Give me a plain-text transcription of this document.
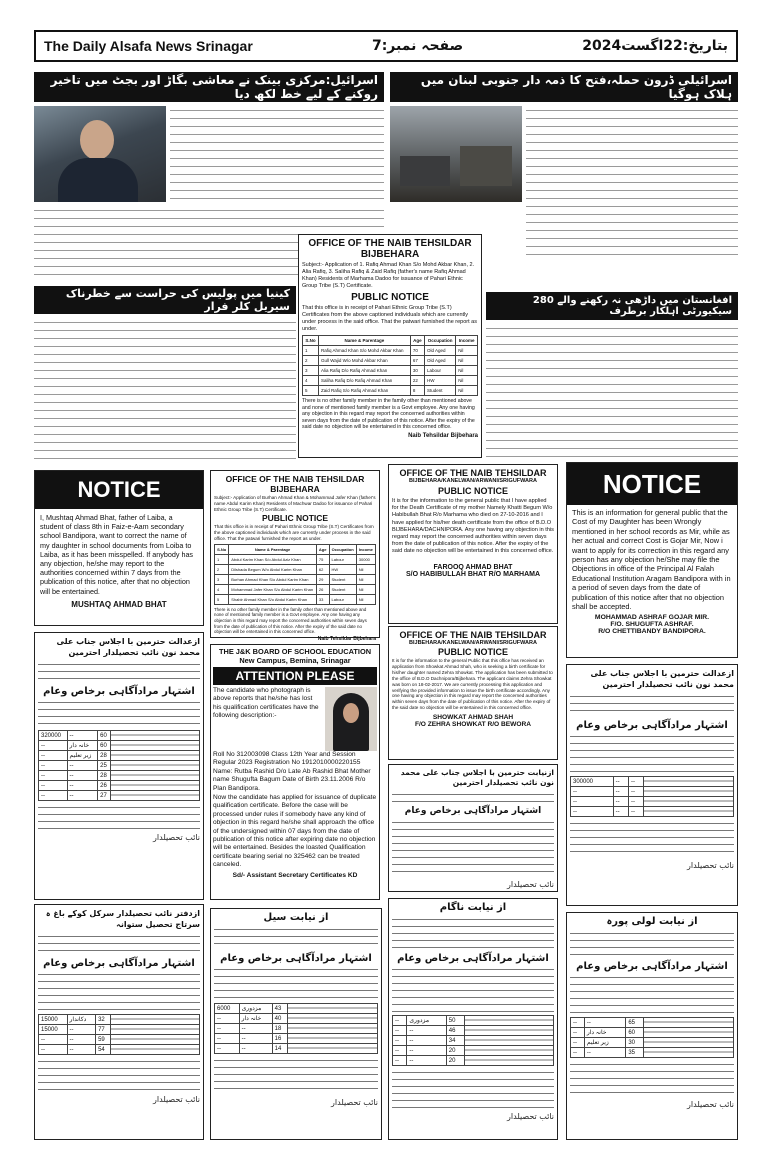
The Daily Alsafa News Srinagar	صفحہ نمبر:7	بتاریخ:22اگست2024
اسرائیل:مرکزی بینک نے معاشی بگاڑ اور بجٹ میں تاخیر روکنے کے لیے خط لکھ دیا
اسرائیلی ڈرون حملہ،فتح کا ذمہ دار جنوبی لبنان میں ہلاک ہوگیا
OFFICE OF THE NAIB TEHSILDAR
BIJBEHARA
Subject:- Application of 1. Rafiq Ahmad Khan S/o Mohd Akbar Khan, 2. Alia Rafiq, 3. Saliha Rafiq & Zaid Rafiq (father's name Rafiq Ahmad Khan) Residents of Marhama Dadoo for issuance of Pahari Ethnic Group Tribe (S.T) Certificate.
PUBLIC NOTICE
That this office is in receipt of Pahari Ethnic Group Tribe (S.T) Certificates from the above captioned individuals which are currently under process in the said office. That the patwari furnished the report as under.
S.No	Name & Parentage	Age	Occupation	Income
1	Rafiq Ahmad Khan S/o Mohd Akbar Khan	70	Old Aged	Nil
2	Gull Wajid W/o Mohd Akbar Khan	67	Old Aged	Nil
3	Alia Rafiq D/o Rafiq Ahmad Khan	30	Labour	Nil
4	Saliha Rafiq D/o Rafiq Ahmad Khan	22	HW	Nil
5	Zaid Rafiq S/o Rafiq Ahmad Khan	8	Student	Nil
There is no other family member in the family other than mentioned above and none of mentioned family member is a Govt employee. Any one having any objection in this regard may report the concerned authorities within seven days from the date of publication of this notice. After the expiry of the said date no objection will be entertained in this concerned office.
Naib Tehsildar Bijbehara
کینیا میں پولیس کی حراست سے خطرناک سیریل کلر فرار	افغانستان میں داڑھی نہ رکھنے والے 280 سیکیورٹی اہلکار برطرف
NOTICE
I, Mushtaq Ahmad Bhat, father of Laiba, a student of class 8th in Faiz-e-Aam secondary school Bandipora, want to correct the name of my daughter in school documents from Loiba to Laiba, as it has been misspelled. If anybody has any objection, he/she may report to the authorities concerned within 7 days from the publication of this notice, after that no objection will be entertained.
MUSHTAQ AHMAD BHAT
OFFICE OF THE NAIB TEHSILDAR
BIJBEHARA
Subject:- Application of Burhan Ahmad Khan & Mohammad Jafer Khan (father's name Abdul Karim Khan) Residents of Machwar Dadoo for issuance of Pahari Ethnic Group Tribe (S.T) Certificate.
PUBLIC NOTICE
That this office is in receipt of Pahari Ethnic Group Tribe (S.T) Certificates from the above captioned individuals which are currently under process in the said office. That the patwari furnished the report as under.
S.No	Name & Parentage	Age	Occupation	Income
1	Abdul Karim Khan S/o Abdul Aziz Khan	75	Labour	30000
2	Dilshada Begum W/o Abdul Karim Khan	62	HW	Nil
3	Burhan Ahmad Khan S/o Abdul Karim Khan	29	Student	Nil
4	Mohammad Jafer Khan S/o Abdul Karim Khan	26	Student	Nil
5	Shabir Ahmad Khan S/o Abdul Karim Khan	33	Labour	Nil
There is no other family member in the family other than mentioned above and none of mentioned family member is a Govt employee. Any one having any objection in this regard may report the concerned authorities within seven days from the date of publication of this notice. After the expiry of the said date no objection will be entertained in this concerned office.
Naib Tehsildar Bijbehara
OFFICE OF THE NAIB TEHSILDAR
BIJBEHARA/KANELWAN/ARWANI/SRIGUFWARA
PUBLIC NOTICE
It is for the information to the general public that I have applied for the Death Certificate of my mother Namely Khatti Begum W/o Habibullah Bhat R/o Marhama who died on 27-10-2016 and I have applied for his/her death certificate from the office of B.D.O BIJBEHARA/DACHNIPORA. Any one having any objection in this regard may report the concerned authorities within seven days from the date of publication of this notice. After the expiry of the said date no objection will be entertained in this concerned office.
FAROOQ AHMAD BHAT
S/O HABIBULLAH BHAT R/O MARHAMA
NOTICE
This is an information for general public that the Cost of my Daughter has been Wrongly mentioned in her school records as Mir, while as her actual and correct Cost is Gojar Mir, Now i want to apply for its correction in this regard any person has any objection he/She may file the Objections in office of the Principal Al Falah Educational Institution Aragam Bandipora with in a period of seven days from the date of publication of this notice after that no objection shall be accepted.
MOHAMMAD ASHRAF GOJAR MIR.
F/O. SHUGUFTA ASHRAF.
R/O CHETTIBANDY BANDIPORA.
THE J&K BOARD OF SCHOOL EDUCATION
New Campus, Bemina, Srinagar
ATTENTION PLEASE
The candidate who photograph is above reports that he/she has lost his qualification certificates have the following description:-
Roll No 312003098 Class 12th Year and Session Regular 2023 Registration No 1912010000220155 Name: Rutba Rashid D/o Late Ab Rashid Bhat Mother name Shugufta Bagum Date of Birth 23.11.2006 R/o Plan Bandipora.
Now the candidate has applied for issuance of duplicate qualification certificate. Before the case will be processed under rules if somebody have any kind of objection in this regard he/she shall approach the office of the undersigned within 07 days from the date of publication of this notice after expiring date no objection will be entertained. Besides the loasted Qualification certificate bearing serial no 325462 can be treated canceled.
Sd/- Assistant Secretary Certificates KD
OFFICE OF THE NAIB TEHSILDAR
BIJBEHARA/KANELWAN/ARWANI/SRIGUFWARA
PUBLIC NOTICE
It is for the information to the general Public that this office has received an application from Showkat Ahmad Shah, who is seeking a birth certificate for his/her daughter named Zehra Showkat. The application has been submitted to the office of B.D.O Dachnipora/Bijbehara. The applicant claims Zehra Showkat was born on 18-02-2017. We are currently processing this application and verifying the provided information to issue the birth certificate accordingly. Any one having any objection in this regard may report the concerned authorities within seven days from the date of publication of this notice. After the expiry of the said date no objection will be entertained in this concerned office.
SHOWKAT AHMAD SHAH
F/O ZEHRA SHOWKAT R/O BEWORA
ازعدالت حترمین با اجلاس جناب علی محمد نون نائب تحصیلدار احترمین
اشتہار مرادآگاہی برخاص وعام
320000	--	60	
--	خانہ دار	60	
--	زیر تعلیم	28	
--	--	25	
--	--	28	
--	--	26	
--	--	27	
نائب تحصیلدار
ازدفتر نائب تحصیلدار سرکل کوکے باغ ہ سرتاج تحصیل ستوانہ
اشتہار مرادآگاہی برخاص وعام
15000	دکاندار	32	
15000	--	77	
--	--	59	
--	--	54	
نائب تحصیلدار
از نیابت سیل
اشتہار مرادآگاہی برخاص وعام
6000	مزدوری	43	
--	خانہ دار	40	
--	--	18	
--	--	16	
--	--	14	
نائب تحصیلدار
ازنیابت حترمین با اجلاس جناب علی محمد نون نائب تحصیلدار احترمین
اشتہار مرادآگاہی برخاص وعام
نائب تحصیلدار
از نیابت ناگام
اشتہار مرادآگاہی برخاص وعام
--	مزدوری	50	
--	--	46	
--	--	34	
--	--	20	
--	--	20	
نائب تحصیلدار
ازعدالت حترمین با اجلاس جناب علی محمد نون نائب تحصیلدار احترمین
اشتہار مرادآگاہی برخاص وعام
300000	--	--	
--	--	--	
--	--	--	
--	--	--	
نائب تحصیلدار
از نیابت لولی پورہ
اشتہار مرادآگاہی برخاص وعام
--	--	65	
--	خانہ دار	60	
--	زیر تعلیم	30	
--	--	35	
نائب تحصیلدار
